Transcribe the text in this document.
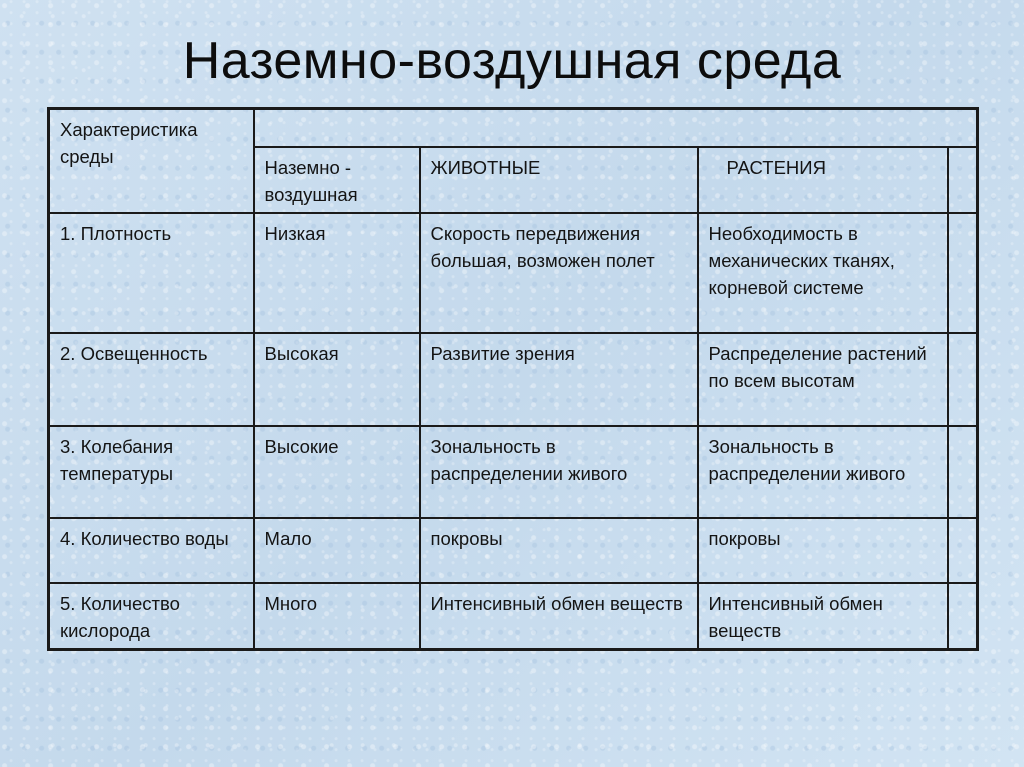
Наземно-воздушная среда
Характеристика среды				
	Наземно - воздушная	ЖИВОТНЫЕ	РАСТЕНИЯ	
1. Плотность	Низкая	Скорость передвижения большая, возможен полет	Необходимость в механических тканях, корневой системе	
2. Освещенность	Высокая	Развитие зрения	Распределение растений по всем высотам	
3. Колебания температуры	Высокие	Зональность в распределении живого	Зональность в распределении живого	
4. Количество воды	Мало	покровы	покровы	
5. Количество кислорода	Много	Интенсивный обмен веществ	Интенсивный обмен веществ	
